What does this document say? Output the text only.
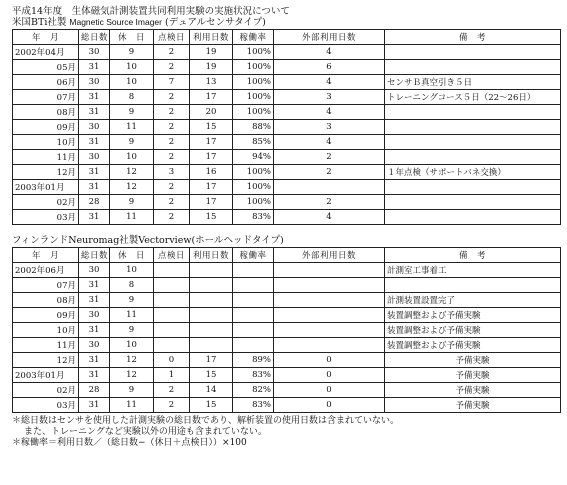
平成14年度　生体磁気計測装置共同利用実験の実施状況について
米国BTi社製 Magnetic Source Imager (デュアルセンサタイプ)
年　月	総日数	休　日	点検日	利用日数	稼働率	外部利用日数	備　考
2002年04月	30	9	2	19	100%	4	
05月	31	10	2	19	100%	6	
06月	30	10	7	13	100%	4	センサＢ真空引き５日
07月	31	8	2	17	100%	3	トレーニングコース５日（22〜26日）
08月	31	9	2	20	100%	4	
09月	30	11	2	15	88%	3	
10月	31	9	2	17	85%	4	
11月	30	10	2	17	94%	2	
12月	31	12	3	16	100%	2	１年点検（サポートバネ交換）
2003年01月	31	12	2	17	100%		
02月	28	9	2	17	100%	2	
03月	31	11	2	15	83%	4	
フィンランドNeuromag社製Vectorview(ホールヘッドタイプ)
年　月	総日数	休　日	点検日	利用日数	稼働率	外部利用日数	備　考
2002年06月	30	10					計測室工事着工
07月	31	8					
08月	31	9					計測装置設置完了
09月	30	11					装置調整および予備実験
10月	31	9					装置調整および予備実験
11月	30	10					装置調整および予備実験
12月	31	12	0	17	89%	0	予備実験
2003年01月	31	12	1	15	83%	0	予備実験
02月	28	9	2	14	82%	0	予備実験
03月	31	11	2	15	83%	0	予備実験
＊総日数はセンサを使用した計測実験の総日数であり、解析装置の使用日数は含まれていない。
また、トレーニングなど実験以外の用途も含まれていない。
＊稼働率＝利用日数／（総日数−（休日＋点検日））×100
